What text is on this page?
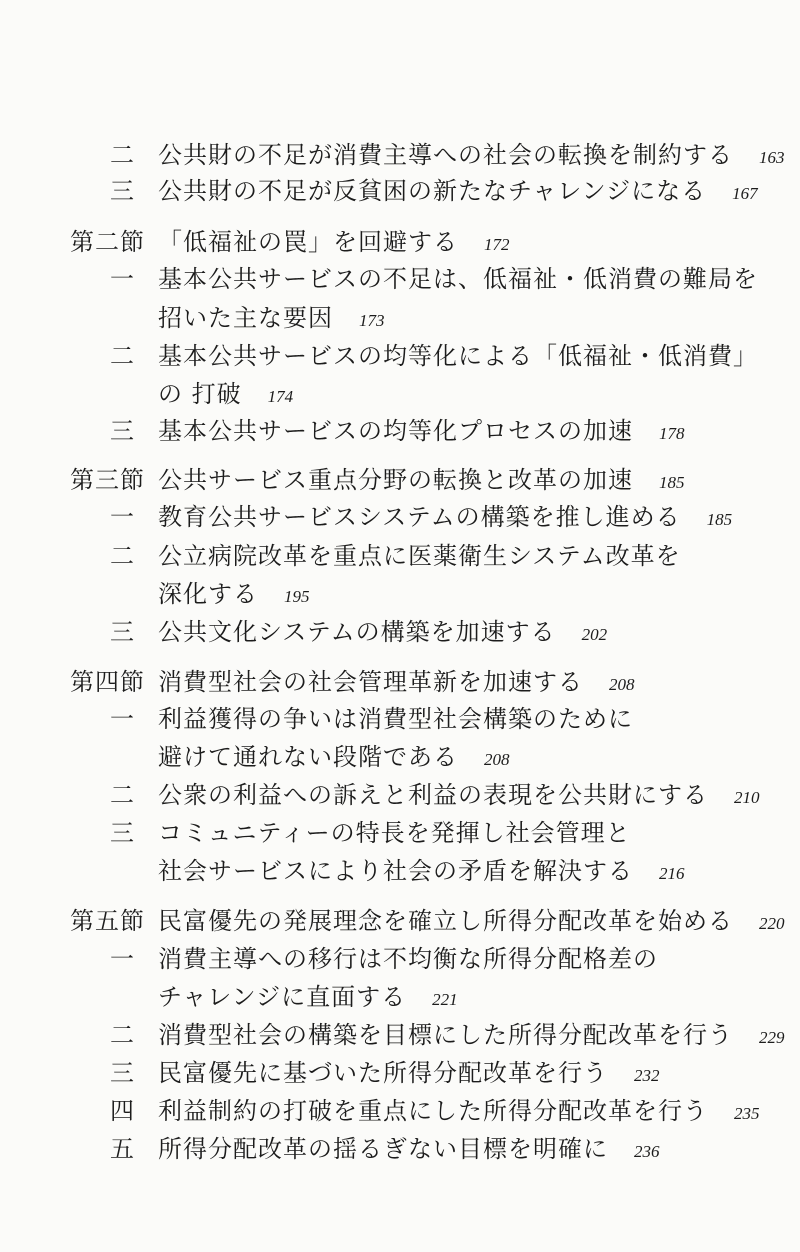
二 公共財の不足が消費主導への社会の転換を制約する 163
三 公共財の不足が反貧困の新たなチャレンジになる 167
第二節 「低福祉の罠」を回避する 172
一 基本公共サービスの不足は、低福祉・低消費の難局を
招いた主な要因 173
二 基本公共サービスの均等化による「低福祉・低消費」
の 打破 174
三 基本公共サービスの均等化プロセスの加速 178
第三節 公共サービス重点分野の転換と改革の加速 185
一 教育公共サービスシステムの構築を推し進める 185
二 公立病院改革を重点に医薬衛生システム改革を
深化する 195
三 公共文化システムの構築を加速する 202
第四節 消費型社会の社会管理革新を加速する 208
一 利益獲得の争いは消費型社会構築のために
避けて通れない段階である 208
二 公衆の利益への訴えと利益の表現を公共財にする 210
三 コミュニティーの特長を発揮し社会管理と
社会サービスにより社会の矛盾を解決する 216
第五節 民富優先の発展理念を確立し所得分配改革を始める 220
一 消費主導への移行は不均衡な所得分配格差の
チャレンジに直面する 221
二 消費型社会の構築を目標にした所得分配改革を行う 229
三 民富優先に基づいた所得分配改革を行う 232
四 利益制約の打破を重点にした所得分配改革を行う 235
五 所得分配改革の揺るぎない目標を明確に 236
